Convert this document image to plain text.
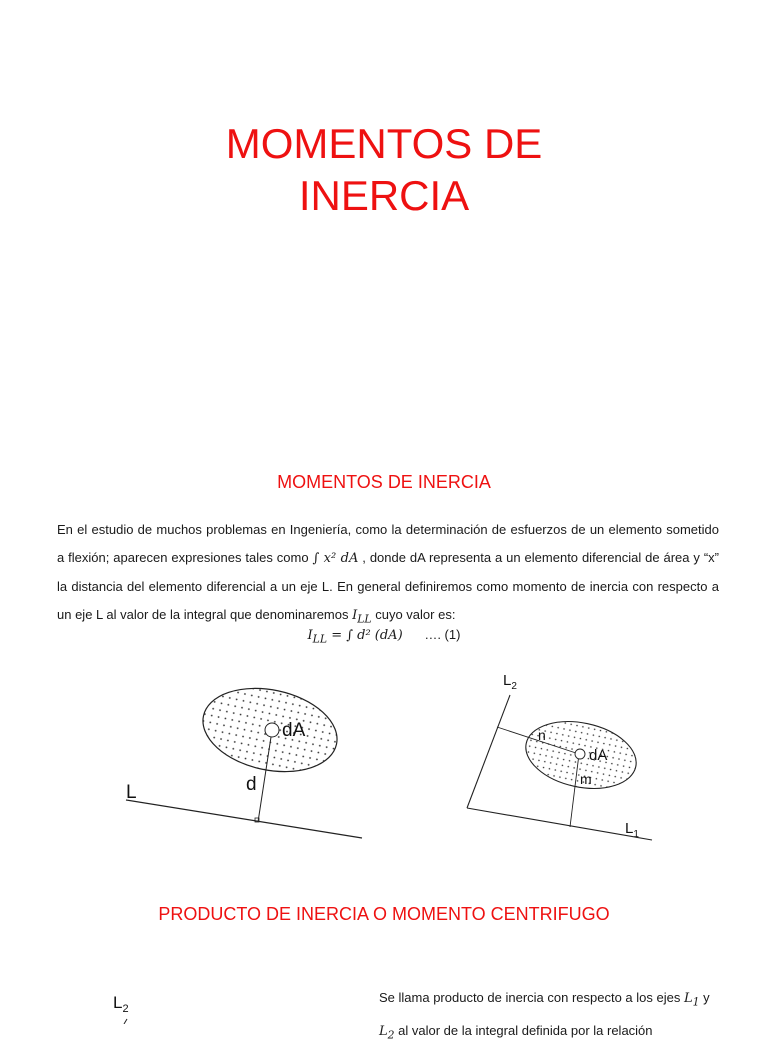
MOMENTOS DE
INERCIA
MOMENTOS DE INERCIA
En el estudio de muchos problemas en Ingeniería, como la determinación de esfuerzos de un elemento sometido a flexión; aparecen expresiones tales como ∫ x² dA , donde dA representa a un elemento diferencial de área y “x” la distancia del elemento diferencial a un eje L. En general definiremos como momento de inercia con respecto a un eje L al valor de la integral que denominaremos $I_{LL}$ cuyo valor es:
$I_{LL}$ = ∫ d² (dA) …. (1)
dA
d
L
$L_2$
$L_1$
n
m
dA
PRODUCTO DE INERCIA O MOMENTO CENTRIFUGO
$L_2$
Se llama producto de inercia con respecto a los ejes $L_1$ y
$L_2$ al valor de la integral definida por la relación
